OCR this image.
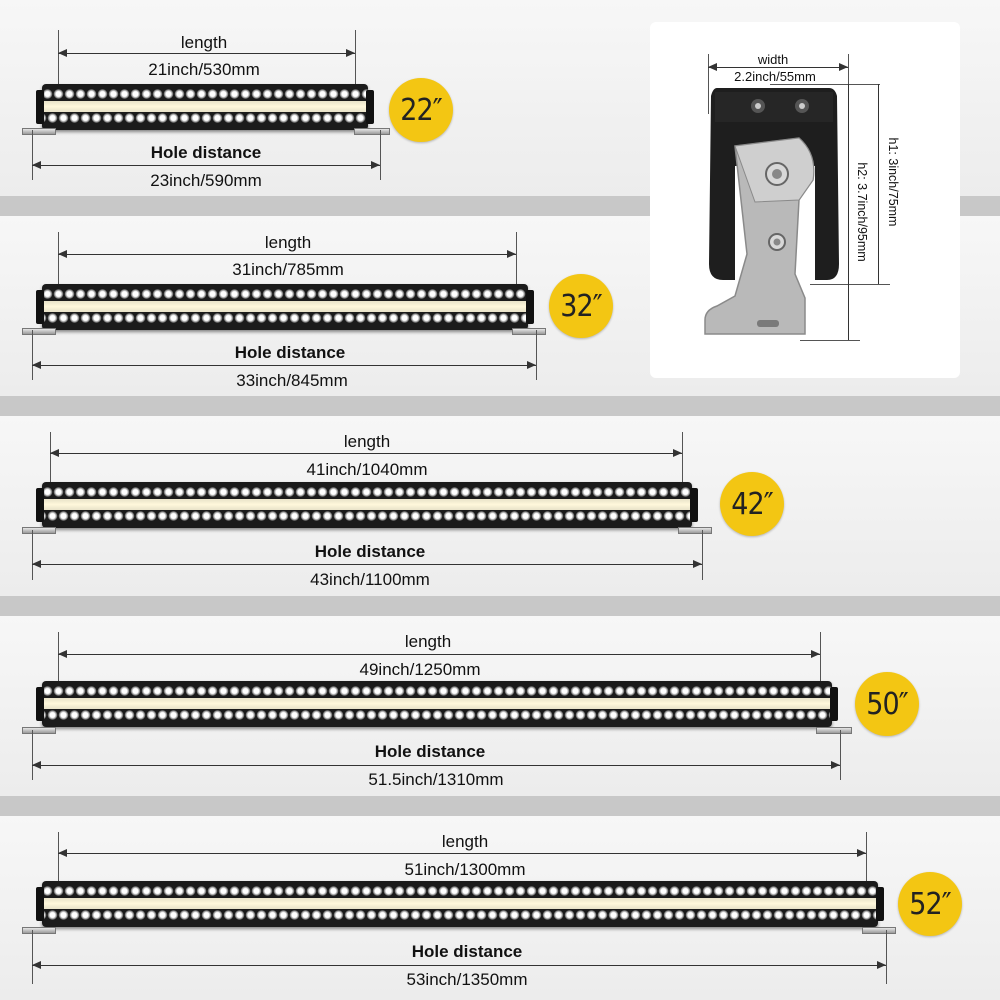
length
21inch/530mm
22″
Hole distance
23inch/590mm
width
2.2inch/55mm
h1: 3inch/75mm
h2: 3.7inch/95mm
length
31inch/785mm
32″
Hole distance
33inch/845mm
length
41inch/1040mm
42″
Hole distance
43inch/1100mm
length
49inch/1250mm
50″
Hole distance
51.5inch/1310mm
length
51inch/1300mm
52″
Hole distance
53inch/1350mm
